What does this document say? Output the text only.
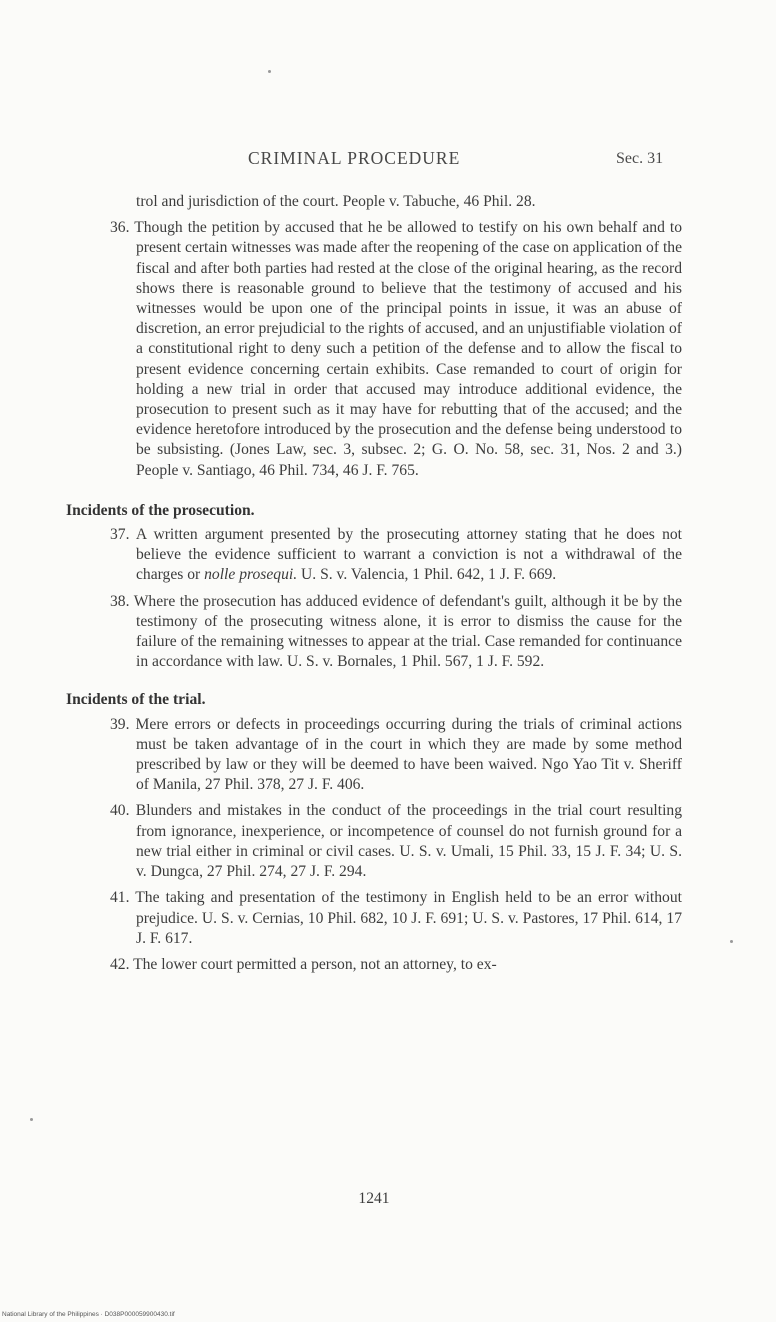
CRIMINAL PROCEDURE	Sec. 31

trol and jurisdiction of the court. People v. Tabuche, 46 Phil. 28.

36. Though the petition by accused that he be allowed to testify on his own behalf and to present certain witnesses was made after the reopening of the case on application of the fiscal and after both parties had rested at the close of the original hearing, as the record shows there is reasonable ground to believe that the testimony of accused and his witnesses would be upon one of the principal points in issue, it was an abuse of discretion, an error prejudicial to the rights of accused, and an unjustifiable violation of a constitutional right to deny such a petition of the defense and to allow the fiscal to present evidence concerning certain exhibits. Case remanded to court of origin for holding a new trial in order that accused may introduce additional evidence, the prosecution to present such as it may have for rebutting that of the accused; and the evidence heretofore introduced by the prosecution and the defense being understood to be subsisting. (Jones Law, sec. 3, subsec. 2; G. O. No. 58, sec. 31, Nos. 2 and 3.) People v. Santiago, 46 Phil. 734, 46 J. F. 765.

Incidents of the prosecution.

37. A written argument presented by the prosecuting attorney stating that he does not believe the evidence sufficient to warrant a conviction is not a withdrawal of the charges or nolle prosequi. U. S. v. Valencia, 1 Phil. 642, 1 J. F. 669.

38. Where the prosecution has adduced evidence of defendant's guilt, although it be by the testimony of the prosecuting witness alone, it is error to dismiss the cause for the failure of the remaining witnesses to appear at the trial. Case remanded for continuance in accordance with law. U. S. v. Bornales, 1 Phil. 567, 1 J. F. 592.

Incidents of the trial.

39. Mere errors or defects in proceedings occurring during the trials of criminal actions must be taken advantage of in the court in which they are made by some method prescribed by law or they will be deemed to have been waived. Ngo Yao Tit v. Sheriff of Manila, 27 Phil. 378, 27 J. F. 406.

40. Blunders and mistakes in the conduct of the proceedings in the trial court resulting from ignorance, inexperience, or incompetence of counsel do not furnish ground for a new trial either in criminal or civil cases. U. S. v. Umali, 15 Phil. 33, 15 J. F. 34; U. S. v. Dungca, 27 Phil. 274, 27 J. F. 294.

41. The taking and presentation of the testimony in English held to be an error without prejudice. U. S. v. Cernias, 10 Phil. 682, 10 J. F. 691; U. S. v. Pastores, 17 Phil. 614, 17 J. F. 617.

42. The lower court permitted a person, not an attorney, to ex-

1241
National Library of the Philippines · D038P000059900430.tif
